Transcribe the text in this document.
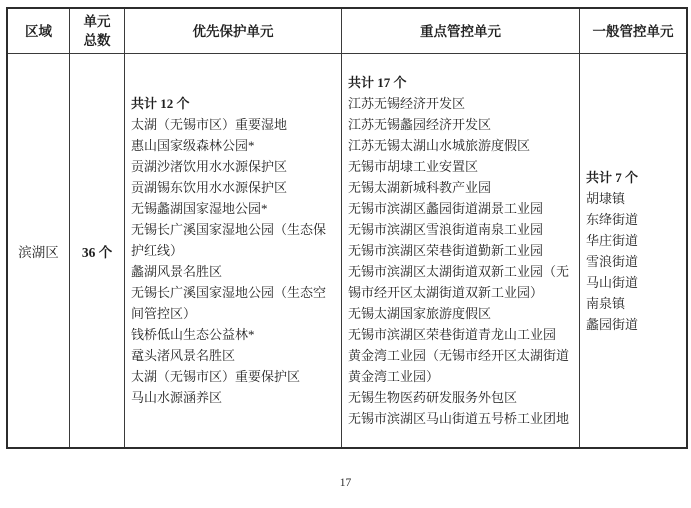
区域
单元总数
优先保护单元	重点管控单元	一般管控单元
滨湖区 36 个
共计 12 个
太湖（无锡市区）重要湿地
惠山国家级森林公园*
贡湖沙渚饮用水水源保护区
贡湖锡东饮用水水源保护区
无锡蠡湖国家湿地公园*
无锡长广溪国家湿地公园（生态保护红线）
蠡湖风景名胜区
无锡长广溪国家湿地公园（生态空间管控区）
钱桥低山生态公益林*
鼋头渚风景名胜区
太湖（无锡市区）重要保护区
马山水源涵养区
共计 17 个
江苏无锡经济开发区
江苏无锡蠡园经济开发区
江苏无锡太湖山水城旅游度假区
无锡市胡埭工业安置区
无锡太湖新城科教产业园
无锡市滨湖区蠡园街道湖景工业园
无锡市滨湖区雪浪街道南泉工业园
无锡市滨湖区荣巷街道勤新工业园
无锡市滨湖区太湖街道双新工业园（无锡市经开区太湖街道双新工业园）
无锡太湖国家旅游度假区
无锡市滨湖区荣巷街道青龙山工业园
黄金湾工业园（无锡市经开区太湖街道黄金湾工业园）
无锡生物医药研发服务外包区
无锡市滨湖区马山街道五号桥工业团地
共计 7 个
胡埭镇
东绛街道
华庄街道
雪浪街道
马山街道
南泉镇
蠡园街道
17
